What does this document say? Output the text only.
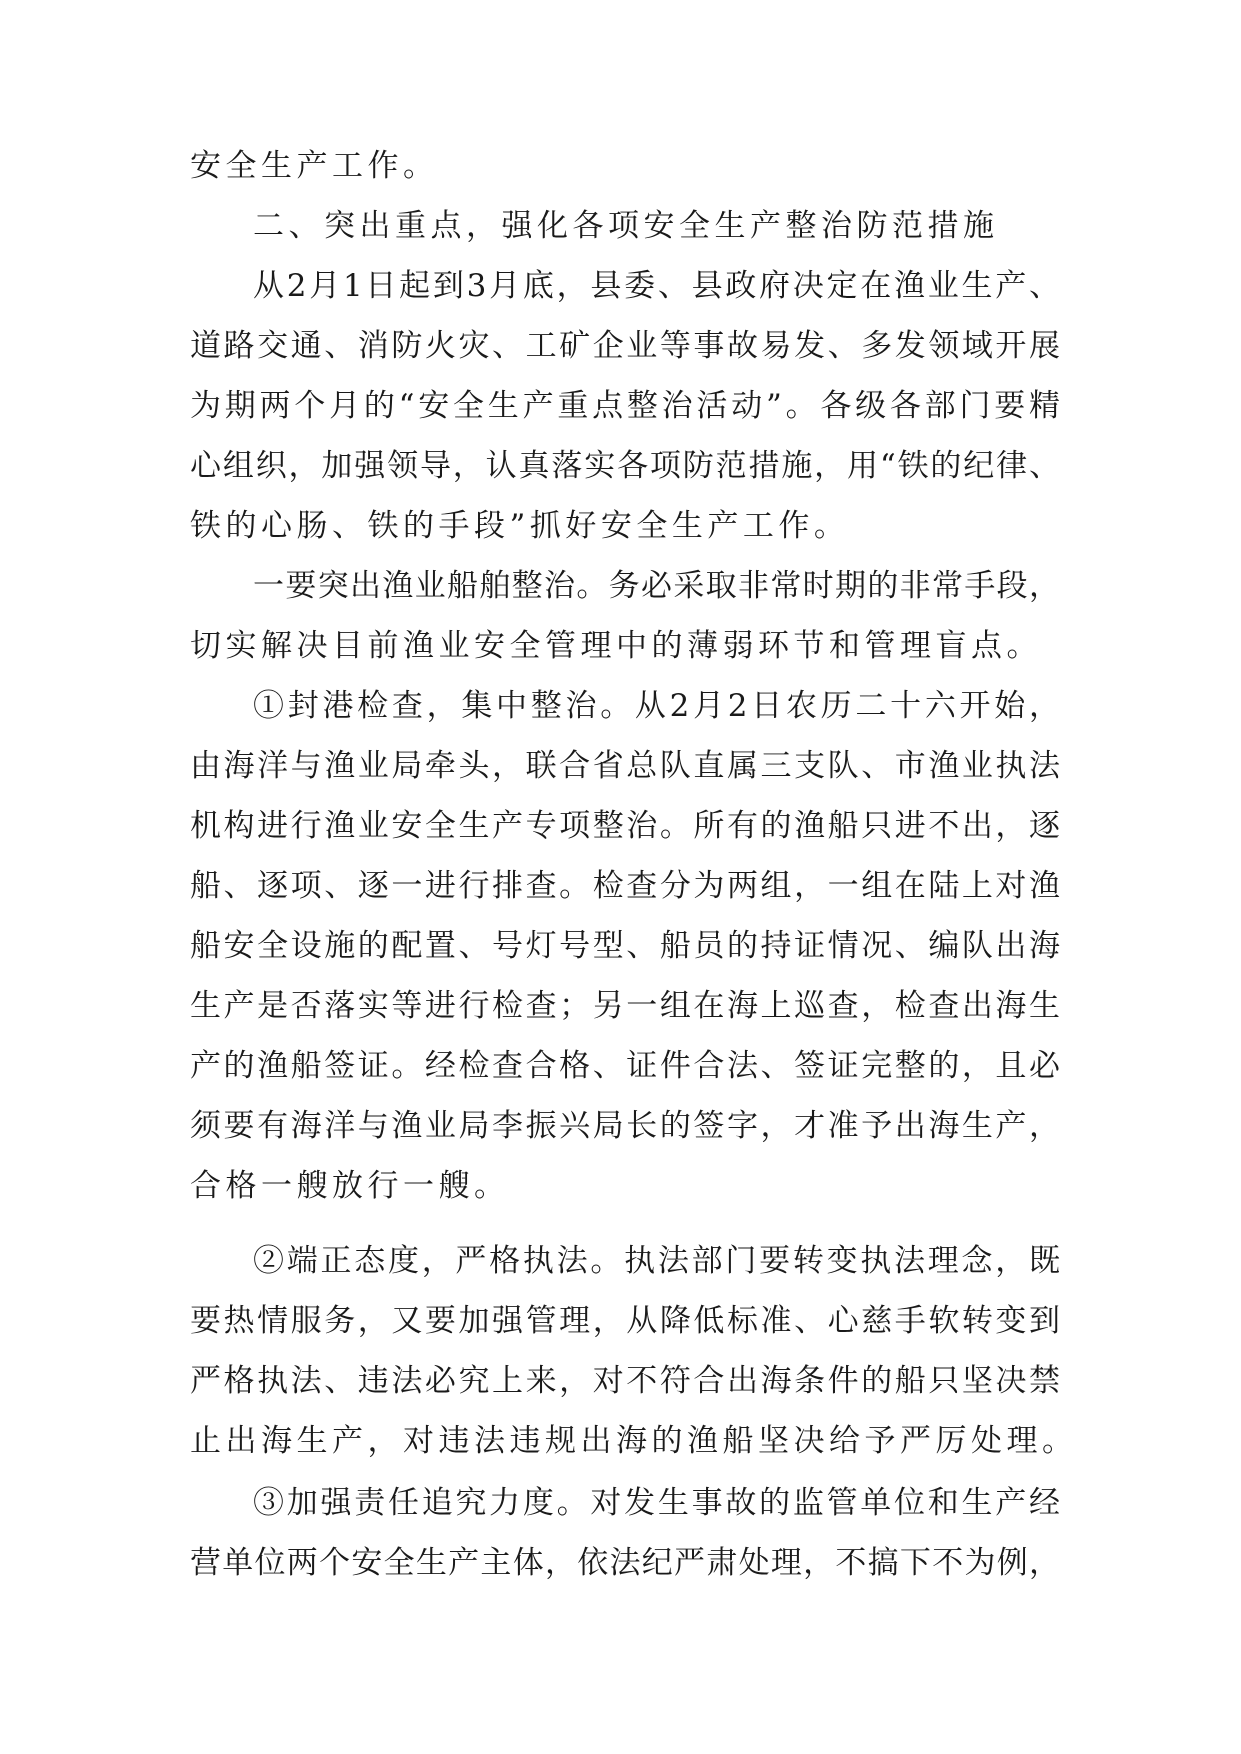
安全生产工作。
二、突出重点，强化各项安全生产整治防范措施
从2月1日起到3月底，县委、县政府决定在渔业生产、
道路交通、消防火灾、工矿企业等事故易发、多发领域开展
为期两个月的“安全生产重点整治活动”。各级各部门要精
心组织，加强领导，认真落实各项防范措施，用“铁的纪律、
铁的心肠、铁的手段”抓好安全生产工作。
一要突出渔业船舶整治。务必采取非常时期的非常手段，
切实解决目前渔业安全管理中的薄弱环节和管理盲点。
①封港检查，集中整治。从2月2日农历二十六开始，
由海洋与渔业局牵头，联合省总队直属三支队、市渔业执法
机构进行渔业安全生产专项整治。所有的渔船只进不出，逐
船、逐项、逐一进行排查。检查分为两组，一组在陆上对渔
船安全设施的配置、号灯号型、船员的持证情况、编队出海
生产是否落实等进行检查；另一组在海上巡查，检查出海生
产的渔船签证。经检查合格、证件合法、签证完整的，且必
须要有海洋与渔业局李振兴局长的签字，才准予出海生产，
合格一艘放行一艘。
②端正态度，严格执法。执法部门要转变执法理念，既
要热情服务，又要加强管理，从降低标准、心慈手软转变到
严格执法、违法必究上来，对不符合出海条件的船只坚决禁
止出海生产，对违法违规出海的渔船坚决给予严厉处理。
③加强责任追究力度。对发生事故的监管单位和生产经
营单位两个安全生产主体，依法纪严肃处理，不搞下不为例，
